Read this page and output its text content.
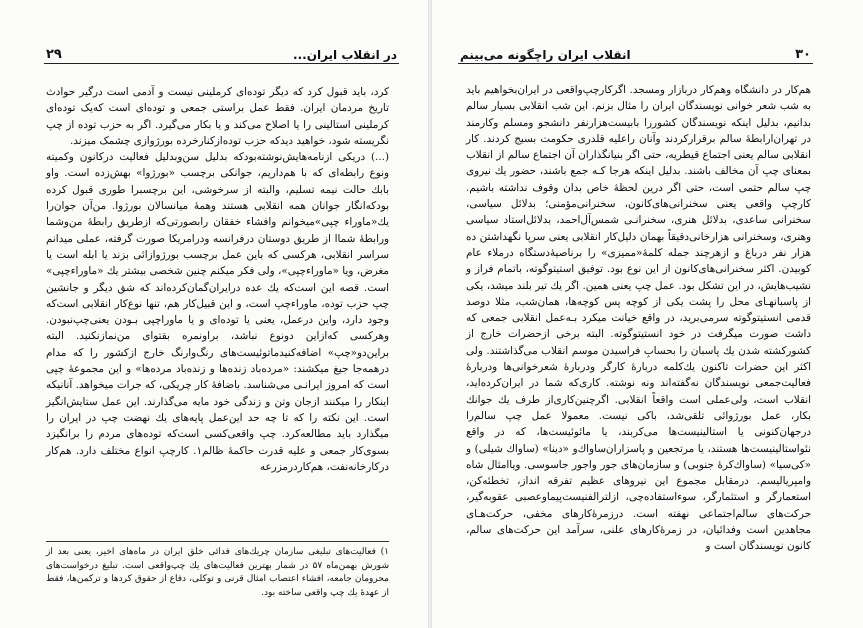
در انقلاب ایران...
۲۹

کرد، باید قبول کرد که دیگر توده‌ای کرملینی نیست و آدمی است درگیر حوادث تاریخ مردمان ایران. فقط عمل براستی جمعی و توده‌ای است که‌یک توده‌ای کرملینی استالینی را یا اصلاح می‌کند و یا بکار می‌گیرد. اگر به حزب توده از چپ نگریسته شود، خواهید دیدکه حزب توده‌ازکنارخرده بورژوازی چشمک میزند.

(...) دریکی ازنامه‌هایش‌نوشته‌بودکه بدلیل سن‌وبدلیل فعالیت درکانون وکمیته ونوع رابطه‌ای که با هم‌داریم، جوانکی برچسب «بورژوا» بهش‌زده است. واو بابك حالت نیمه تسلیم، والبته از سرخوشی، این برچسبرا طوری قبول کرده بودکه‌انگار جوانان همه انقلابی هستند وهمهٔ میانسالان بورژوا. من‌آن جوان‌را یك«ماوراء چپی»میخوانم وافشاء خفقان رابصورتی‌که ازطریق رابطهٔ من‌وشما ورابطهٔ شماا از طریق دوستان درفرانسه ودرامریکا صورت گرفته، عملی میدانم سراسر انقلابی، هرکسی که باین عمل برچسب بورژوازائی بزند یا ابله است یا مغرض، ویا «ماوراءچپی»، ولی فکر میکنم چنین شخصی بیشتر یك «ماوراءچپی» است. قصه این است‌که یك عده درایران‌گمان‌کرده‌اند که شق دیگر و جانشین چپ حزب توده، ماوراءچپ است، و این قبیل‌کار هم، تنها نوع‌کار انقلابی است‌که وجود دارد، واین درعمل، یعنی یا توده‌ای و یا ماوراچپی بـودن یعنی‌چپ‌نبودن. وهرکسی که‌ازاین دونوع نباشد، براونمره بقتوای من‌نمازنکنید. البته براین‌دو«چپ» اضافه‌کنیدماتوئیست‌های رنگ‌وارنگ خارج ازکشور را که مدام درهمه‌جا جیغ میکشند: «مرده‌باد زنده‌ها و زنده‌باد مرده‌ها» و این مجموعهٔ چپی است که امروز ایرانـی می‌شناسد. باضافهٔ کار چریکی، که جرات میخواهد. آنانیکه اینکار را میکنند ازجان وتن و زندگی خود مایه می‌گذارند. این عمل ستایش‌انگیز است. این نکته را که تا چه حد این‌عمل پایه‌های یك نهضت چپ در ایران را میگذارد باید مطالعه‌کرد. چپ واقعی‌کسی است‌که توده‌های مردم را برانگیزد بسوی‌کار جمعی و علیه قدرت حاکمهٔ ظالم۱. کارچپ انواع مختلف دارد. هم‌کار درکارخانه‌نفت، هم‌کاردرمزرعه

۱) فعالیت‌های تبلیغی سازمان چریك‌های فدائی خلق ایران در ماه‌های اخیر، یعنی بعد از شورش بهمن‌ماه ۵۷ در شمار بهترین فعالیت‌های یك چپ‌واقعی است. تبلیغ درخواست‌های محرومان جامعه، افشاء اعتصاب امثال قرنی و توکلی، دفاع از حقوق کردها و ترکمن‌ها، فقط از عهدهٔ یك چپ واقعی ساخته بود.

۳۰
انقلاب ایران راچگونه می‌بینم

هم‌کار در دانشگاه وهم‌کار دربازار ومسجد. اگرکارچپ‌واقعی در ایران‌بخواهیم باید به شب شعر خوانی نویسندگان ایران را مثال بزنم. این شب انقلابی‌ بسیار سالم بدانیم، بدلیل اینکه نویسندگان کشوررا بابیست‌هزارنفر دانشجو ومسلم وکارمند در تهران‌ارابطهٔ سالم برقرارکردند وآنان راعلیه قلدری حکومت بسیج کردند. کار انقلابی سالم یعنی اجتماع قیطریه، حتی اگر بنیانگذاران آن اجتماع سالم از انقلاب بمعنای چپ آن مخالف باشند. بدلیل اینکه هرجا کـه جمع باشند، حضور یك نیروی چپ سالم حتمی است، حتی اگر درین لحظهٔ خاص بدان وقوف نداشته باشیم. کارچپ واقعی یعنی سخنرانی‌های‌کانون، سخنرانی‌مؤمنی؛ بدلائل سیاسی، سخنرانی ساعدی، بدلائل هنری، سخنرانـی شمس‌آل‌احمد، بدلائل‌استاد سیاسی وهنری، وسخنرانی هزارخانی‌دقیقاً بهمان دلیل‌کار انقلابی یعنی سرپا نگهداشتن ده هزار نفر درباغ و ازهرچند جمله کلمهٔ«ممیزی» را برناصیهٔ‌دستگاه درملاء عام کوبیدن. اکثر سخنرانی‌های‌کانون از این نوع بود. توفیق استیتو‌گوته، باتمام فراز و نشیب‌هایش، در این تشکل بود. عمل چپ یعنی همین. اگر یك‌ تیر بلند میشد، یکی از پاسبانهـای محل را پشت یکی از کوچه پس کوچه‌ها، همان‌شب، مثلا دو‌صد قدمی انستیتوگوته سرمی‌برید، در واقع خیانت میکرد بـه‌عمل انقلابی جمعی که داشت صورت میگرفت در خود انستیتوگوته. البته برخی ازحضرات خارج از کشورکشته شدن یك پاسبان را بحسابِ فراسیدن موسم انقلاب می‌گذاشتند. ولی اکثر این حضرات تاکنون یك‌کلمه درباره‌ٔ کارگر ودربارهٔ شعرخوانی‌ها ودربارهٔ فعالیت‌جمعی نویسندگان نه‌گفته‌اند ونه نوشته. کاری‌که شما در ایران‌کرده‌اید، انقلاب است، ولی‌عملی است واقعاً انقلابی. اگرچنین‌کاری‌از طرف یك جوانك بکار، عمل بورژوائی تلقی‌شد، باکی نیست. معمولا عمل چپ سالم‌را درجهان‌کنونی یا استالینیست‌ها می‌کربند، یا مائوئیست‌ها، که در واقع نئواستالینیست‌ها هستند، یا مرتجعین و پاسزاران‌ساواك‌و «دینا» (ساواك شیلی) و «کی‌سیا» (ساواك‌کرهٔ جنوبی) و سازمان‌های جور واجور جاسوسی. ویاامثال شاه وامپریالیسم. درمقابل مجموع این نیروهای عظیم تفرقه انداز، تخطئه‌کن، استعمارگر و استثمارگر، سوءاستفاده‌چی، ازلترالفنیست‌پیماوعصبی عقوبه‌گیر، حرکت‌های سالم‌اجتماعی نهفته است. درزمرهٔ‌کارهای مخفی، حرکت‌هـای مجاهدین است وفدائیان، در زمرهٔ‌کارهای علنی، سرآمد این حرکت‌های سالم، کانون نویسندگان است و
